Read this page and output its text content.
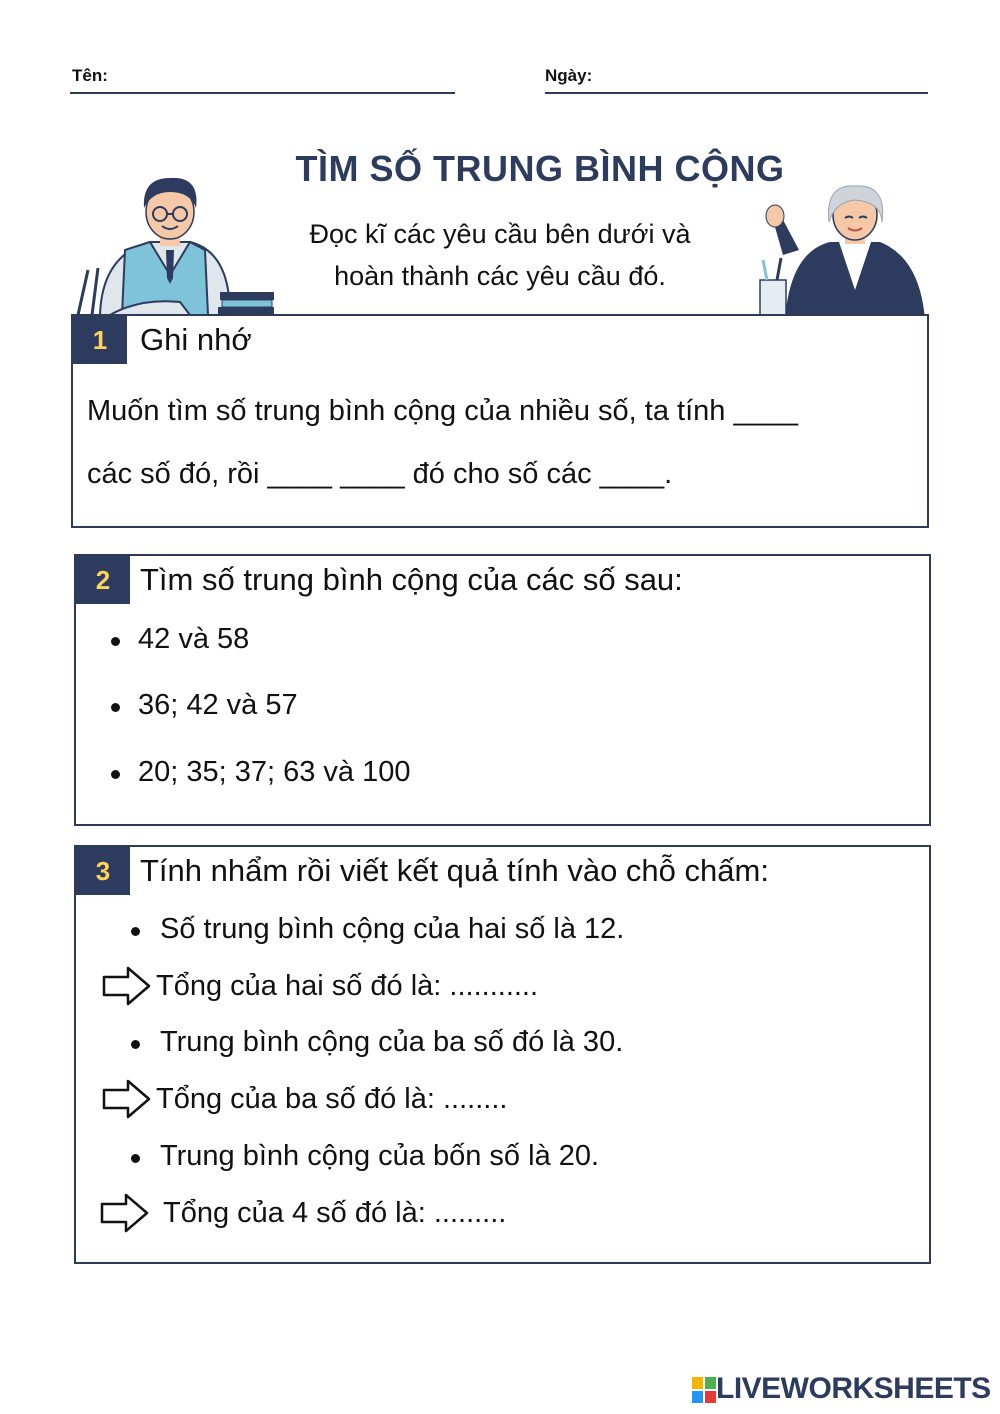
Tên:	Ngày:
TÌM SỐ TRUNG BÌNH CỘNG
Đọc kĩ các yêu cầu bên dưới và
hoàn thành các yêu cầu đó.
1	Ghi nhớ
Muốn tìm số trung bình cộng của nhiều số, ta tính ____
các số đó, rồi ____ ____ đó cho số các ____.
2 Tìm số trung bình cộng của các số sau:
42 và 58
36; 42 và 57
20; 35; 37; 63 và 100
3 Tính nhẩm rồi viết kết quả tính vào chỗ chấm:
Số trung bình cộng của hai số là 12.
Tổng của hai số đó là: ...........
Trung bình cộng của ba số đó là 30.
Tổng của ba số đó là: ........
Trung bình cộng của bốn số là 20.
Tổng của 4 số đó là: .........
LIVEWORKSHEETS
